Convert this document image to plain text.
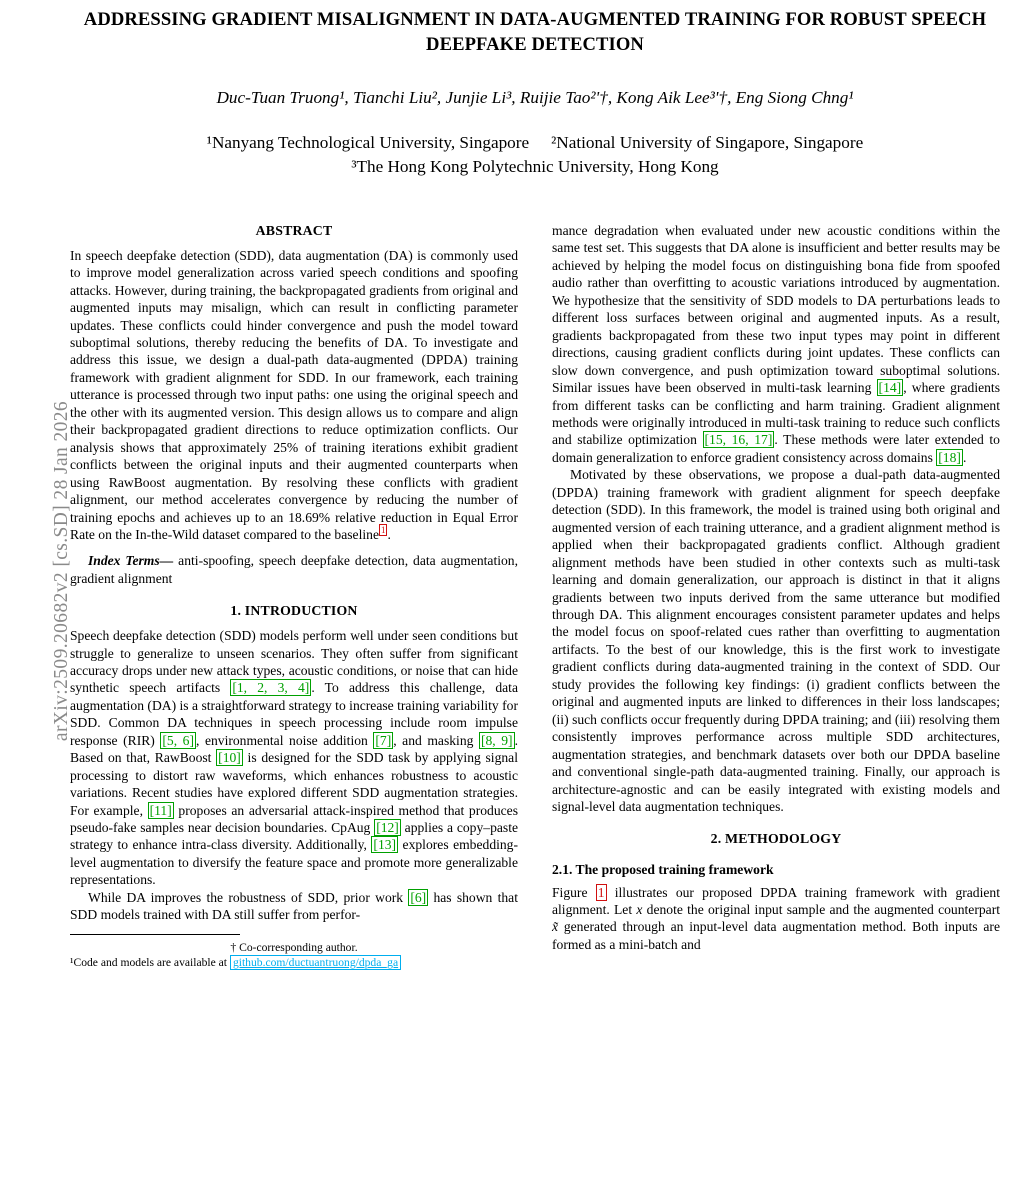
arXiv:2509.20682v2 [cs.SD] 28 Jan 2026
ADDRESSING GRADIENT MISALIGNMENT IN DATA-AUGMENTED TRAINING FOR ROBUST SPEECH DEEPFAKE DETECTION
Duc-Tuan Truong¹, Tianchi Liu², Junjie Li³, Ruijie Tao²'†, Kong Aik Lee³'†, Eng Siong Chng¹
¹Nanyang Technological University, Singapore ²National University of Singapore, Singapore
³The Hong Kong Polytechnic University, Hong Kong
ABSTRACT

In speech deepfake detection (SDD), data augmentation (DA) is commonly used to improve model generalization across varied speech conditions and spoofing attacks. However, during training, the backpropagated gradients from original and augmented inputs may misalign, which can result in conflicting parameter updates. These conflicts could hinder convergence and push the model toward suboptimal solutions, thereby reducing the benefits of DA. To investigate and address this issue, we design a dual-path data-augmented (DPDA) training framework with gradient alignment for SDD. In our framework, each training utterance is processed through two input paths: one using the original speech and the other with its augmented version. This design allows us to compare and align their backpropagated gradient directions to reduce optimization conflicts. Our analysis shows that approximately 25% of training iterations exhibit gradient conflicts between the original inputs and their augmented counterparts when using RawBoost augmentation. By resolving these conflicts with gradient alignment, our method accelerates convergence by reducing the number of training epochs and achieves up to an 18.69% relative reduction in Equal Error Rate on the In-the-Wild dataset compared to the baseline $^1$ .

Index Terms— anti-spoofing, speech deepfake detection, data augmentation, gradient alignment

1. INTRODUCTION

Speech deepfake detection (SDD) models perform well under seen conditions but struggle to generalize to unseen scenarios. They often suffer from significant accuracy drops under new attack types, acoustic conditions, or noise that can hide synthetic speech artifacts [1, 2, 3, 4] . To address this challenge, data augmentation (DA) is a straightforward strategy to increase training variability for SDD. Common DA techniques in speech processing include room impulse response (RIR) [5, 6] , environmental noise addition [7] , and masking [8, 9] . Based on that, RawBoost [10] is designed for the SDD task by applying signal processing to distort raw waveforms, which enhances robustness to acoustic variations. Recent studies have explored different SDD augmentation strategies. For example, [11] proposes an adversarial attack-inspired method that produces pseudo-fake samples near decision boundaries. CpAug [12] applies a copy–paste strategy to enhance intra-class diversity. Additionally, [13] explores embedding-level augmentation to diversify the feature space and promote more generalizable representations.

While DA improves the robustness of SDD, prior work [6] has shown that SDD models trained with DA still suffer from perfor-

† Co-corresponding author.
¹Code and models are available at github.com/ductuantruong/dpda_ga

mance degradation when evaluated under new acoustic conditions within the same test set. This suggests that DA alone is insufficient and better results may be achieved by helping the model focus on distinguishing bona fide from spoofed audio rather than overfitting to acoustic variations introduced by augmentation. We hypothesize that the sensitivity of SDD models to DA perturbations leads to different loss surfaces between original and augmented inputs. As a result, gradients backpropagated from these two input types may point in different directions, causing gradient conflicts during joint updates. These conflicts can slow down convergence, and push optimization toward suboptimal solutions. Similar issues have been observed in multi-task learning [14] , where gradients from different tasks can be conflicting and harm training. Gradient alignment methods were originally introduced in multi-task training to reduce such conflicts and stabilize optimization [15, 16, 17] . These methods were later extended to domain generalization to enforce gradient consistency across domains [18] .

Motivated by these observations, we propose a dual-path data-augmented (DPDA) training framework with gradient alignment for speech deepfake detection (SDD). In this framework, the model is trained using both original and augmented version of each training utterance, and a gradient alignment method is applied when their backpropagated gradients conflict. Although gradient alignment methods have been studied in other contexts such as multi-task learning and domain generalization, our approach is distinct in that it aligns gradients between two inputs derived from the same utterance but modified through DA. This alignment encourages consistent parameter updates and helps the model focus on spoof-related cues rather than overfitting to augmentation artifacts. To the best of our knowledge, this is the first work to investigate gradient conflicts during data-augmented training in the context of SDD. Our study provides the following key findings: (i) gradient conflicts between the original and augmented inputs are linked to differences in their loss landscapes; (ii) such conflicts occur frequently during DPDA training; and (iii) resolving them consistently improves performance across multiple SDD architectures, augmentation strategies, and benchmark datasets over both our DPDA baseline and conventional single-path data-augmented training. Finally, our approach is architecture-agnostic and can be easily integrated with existing models and signal-level data augmentation techniques.

2. METHODOLOGY
2.1. The proposed training framework

Figure 1 illustrates our proposed DPDA training framework with gradient alignment. Let x denote the original input sample and the augmented counterpart x̃ generated through an input-level data augmentation method. Both inputs are formed as a mini-batch and
